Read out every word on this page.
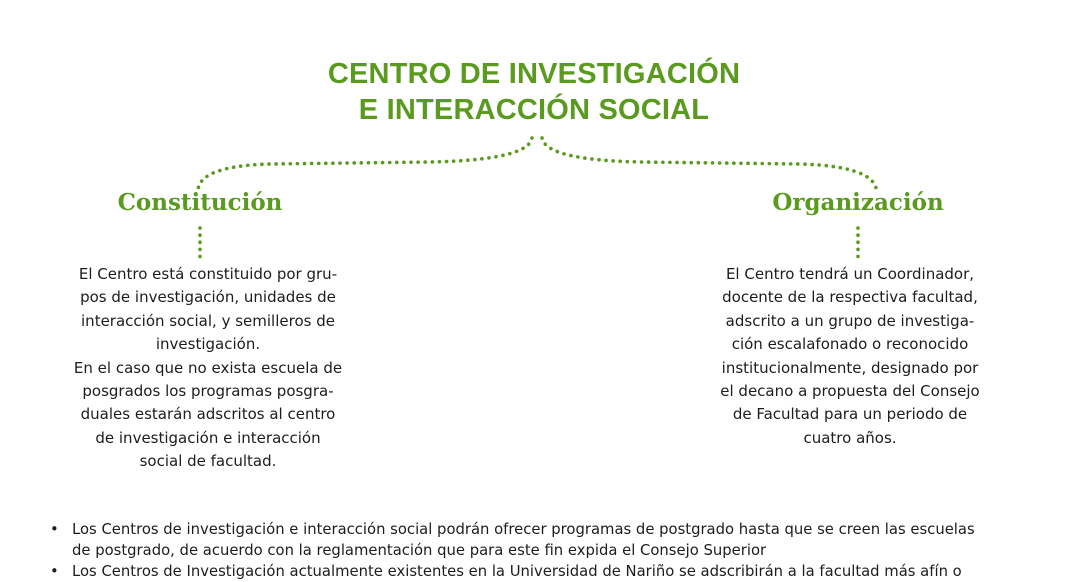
CENTRO DE INVESTIGACIÓN
E INTERACCIÓN SOCIAL
Constitución	Organización
El Centro está constituido por gru-
pos de investigación, unidades de
interacción social, y semilleros de
investigación.
En el caso que no exista escuela de
posgrados los programas posgra-
duales estarán adscritos al centro
de investigación e interacción
social de facultad.
El Centro tendrá un Coordinador,
docente de la respectiva facultad,
adscrito a un grupo de investiga-
ción escalafonado o reconocido
institucionalmente, designado por
el decano a propuesta del Consejo
de Facultad para un periodo de
cuatro años.
• Los Centros de investigación e interacción social podrán ofrecer programas de postgrado hasta que se creen las escuelas
de postgrado, de acuerdo con la reglamentación que para este fin expida el Consejo Superior
• Los Centros de Investigación actualmente existentes en la Universidad de Nariño se adscribirán a la facultad más afín o
